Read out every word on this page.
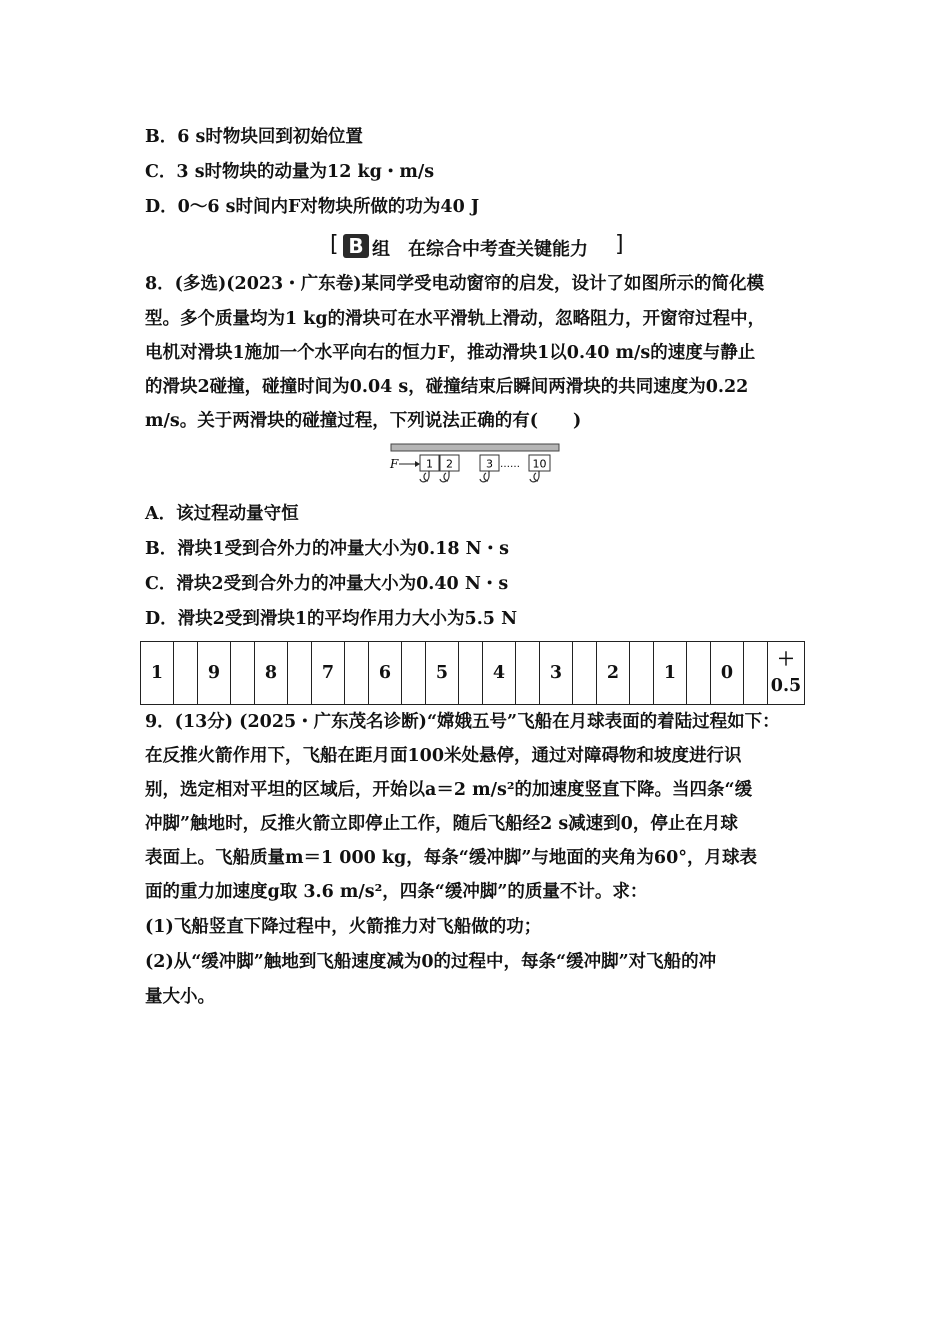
B．6 s时物块回到初始位置
C．3 s时物块的动量为12 kg・m/s
D．0～6 s时间内F对物块所做的功为40 J
[ B 组　在综合中考查关键能力 ]
8．(多选)(2023・广东卷)某同学受电动窗帘的启发，设计了如图所示的简化模
型。多个质量均为1 kg的滑块可在水平滑轨上滑动，忽略阻力，开窗帘过程中，
电机对滑块1施加一个水平向右的恒力F，推动滑块1以0.40 m/s的速度与静止
的滑块2碰撞，碰撞时间为0.04 s，碰撞结束后瞬间两滑块的共同速度为0.22
m/s。关于两滑块的碰撞过程，下列说法正确的有(　　)
F	1 2	3 …… 10
A．该过程动量守恒
B．滑块1受到合外力的冲量大小为0.18 N・s
C．滑块2受到合外力的冲量大小为0.40 N・s
D．滑块2受到滑块1的平均作用力大小为5.5 N
1		9		8		7		6		5		4		3		2		1		0		
＋
0.5
9．(13分) (2025・广东茂名诊断)“嫦娥五号”飞船在月球表面的着陆过程如下：
在反推火箭作用下，飞船在距月面100米处悬停，通过对障碍物和坡度进行识
别，选定相对平坦的区域后，开始以a＝2 m/s²的加速度竖直下降。当四条“缓
冲脚”触地时，反推火箭立即停止工作，随后飞船经2 s减速到0，停止在月球
表面上。飞船质量m＝1 000 kg，每条“缓冲脚”与地面的夹角为60°，月球表
面的重力加速度g取 3.6 m/s²，四条“缓冲脚”的质量不计。求：
(1)飞船竖直下降过程中，火箭推力对飞船做的功；
(2)从“缓冲脚”触地到飞船速度减为0的过程中，每条“缓冲脚”对飞船的冲
量大小。
